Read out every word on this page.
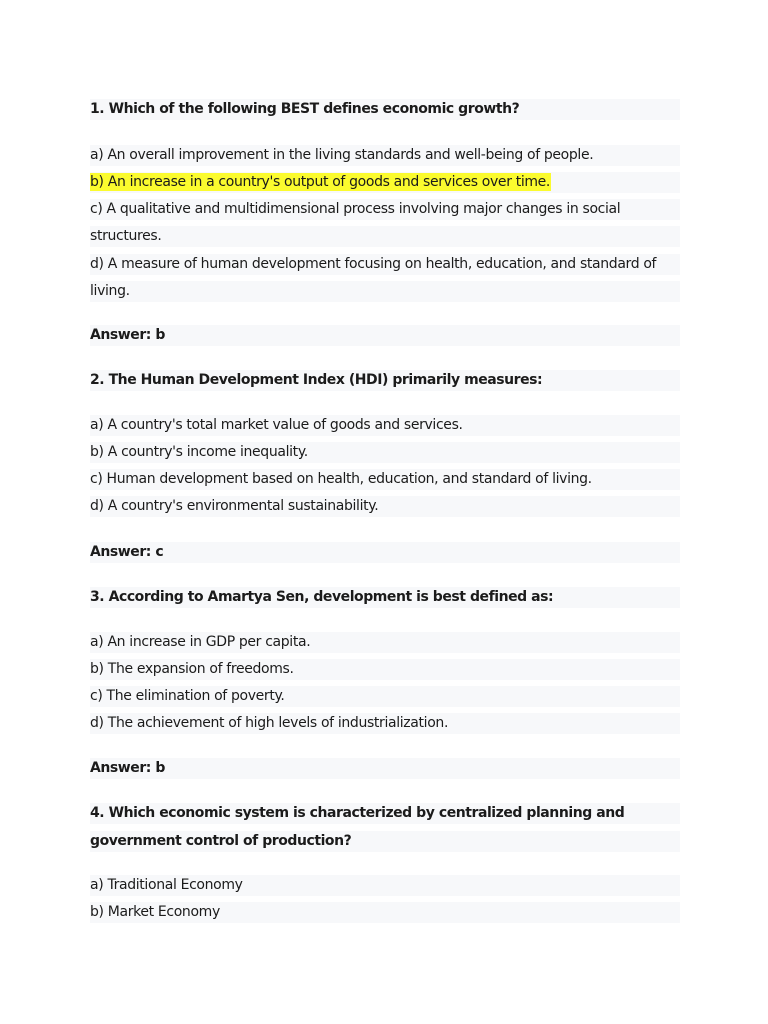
1. Which of the following BEST defines economic growth?
a) An overall improvement in the living standards and well-being of people.
b) An increase in a country's output of goods and services over time.
c) A qualitative and multidimensional process involving major changes in social
structures.
d) A measure of human development focusing on health, education, and standard of
living.
Answer: b
2. The Human Development Index (HDI) primarily measures:
a) A country's total market value of goods and services.
b) A country's income inequality.
c) Human development based on health, education, and standard of living.
d) A country's environmental sustainability.
Answer: c
3. According to Amartya Sen, development is best defined as:
a) An increase in GDP per capita.
b) The expansion of freedoms.
c) The elimination of poverty.
d) The achievement of high levels of industrialization.
Answer: b
4. Which economic system is characterized by centralized planning and
government control of production?
a) Traditional Economy
b) Market Economy
